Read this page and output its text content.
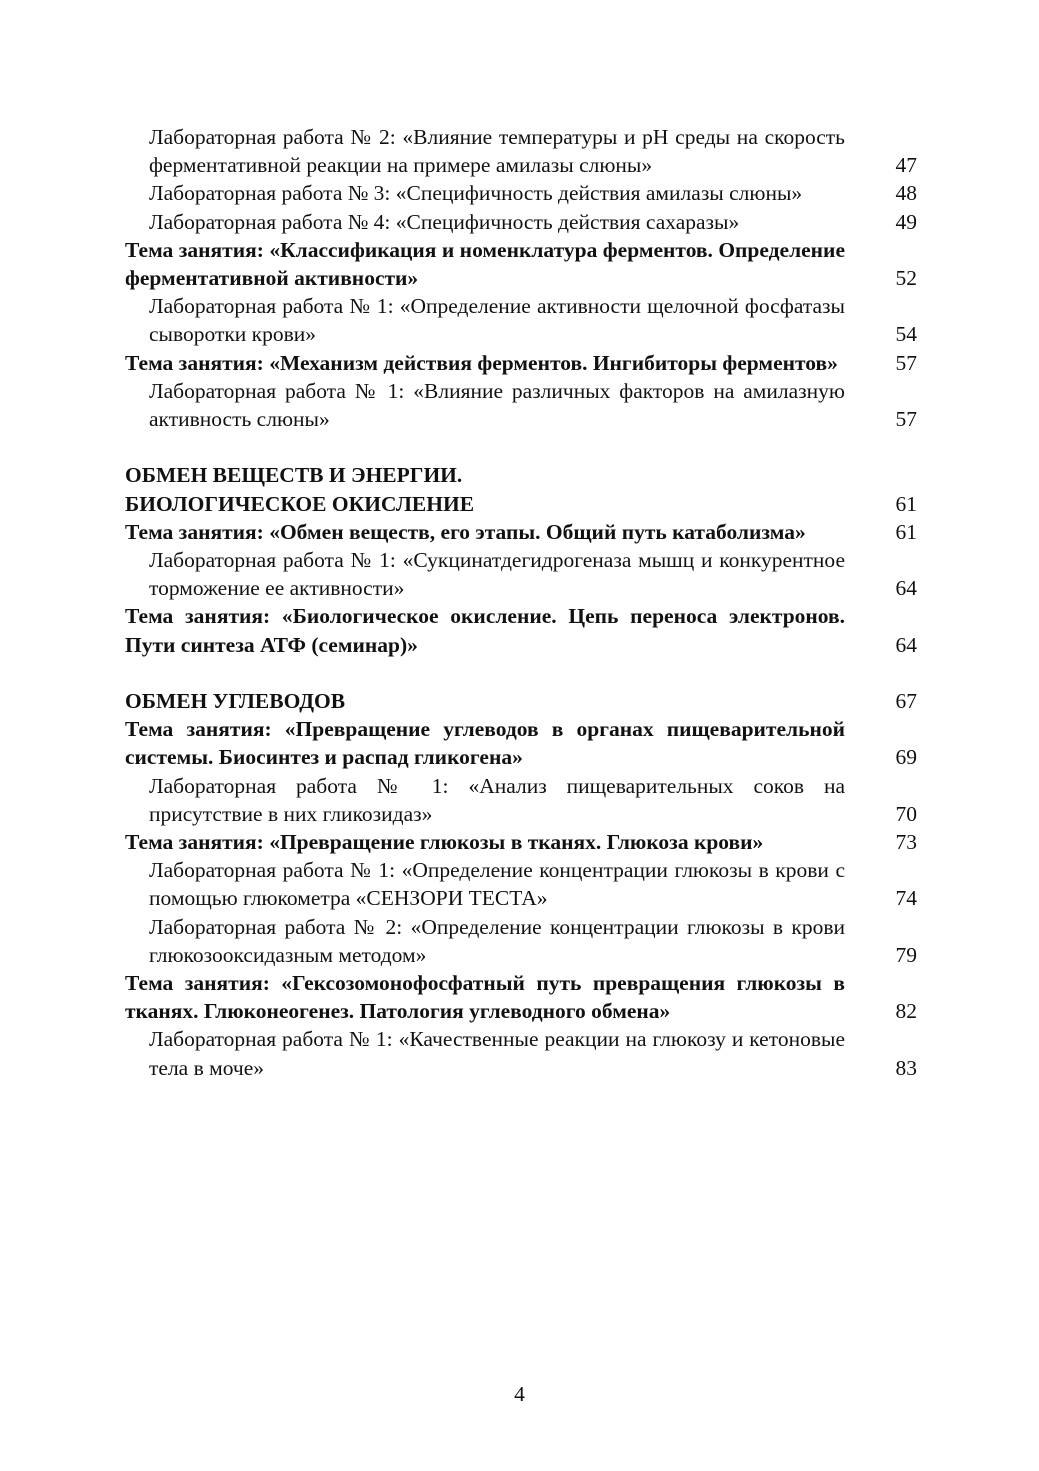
Лабораторная работа № 2: «Влияние температуры и pH среды на скорость ферментативной реакции на примере амилазы слюны»	47
Лабораторная работа № 3: «Специфичность действия амилазы слюны»	48
Лабораторная работа № 4: «Специфичность действия сахаразы»	49
Тема занятия: «Классификация и номенклатура ферментов. Определение ферментативной активности»	52
Лабораторная работа № 1: «Определение активности щелочной фосфатазы сыворотки крови»	54
Тема занятия: «Механизм действия ферментов. Ингибиторы ферментов»	57
Лабораторная работа № 1: «Влияние различных факторов на амилазную активность слюны»	57
ОБМЕН ВЕЩЕСТВ И ЭНЕРГИИ.
БИОЛОГИЧЕСКОЕ ОКИСЛЕНИЕ	61
Тема занятия: «Обмен веществ, его этапы. Общий путь катаболизма»	61
Лабораторная работа № 1: «Сукцинатдегидрогеназа мышц и конкурентное торможение ее активности»	64
Тема занятия: «Биологическое окисление. Цепь переноса электронов. Пути синтеза АТФ (семинар)»	64
ОБМЕН УГЛЕВОДОВ	67
Тема занятия: «Превращение углеводов в органах пищеварительной системы. Биосинтез и распад гликогена»	69
Лабораторная работа № 1: «Анализ пищеварительных соков на присутствие в них гликозидаз»	70
Тема занятия: «Превращение глюкозы в тканях. Глюкоза крови»	73
Лабораторная работа № 1: «Определение концентрации глюкозы в крови с помощью глюкометра «СЕНЗОРИ ТЕСТА»	74
Лабораторная работа № 2: «Определение концентрации глюкозы в крови глюкозооксидазным методом»	79
Тема занятия: «Гексозомонофосфатный путь превращения глюкозы в тканях. Глюконеогенез. Патология углеводного обмена»	82
Лабораторная работа № 1: «Качественные реакции на глюкозу и кетоновые тела в моче»	83
4
